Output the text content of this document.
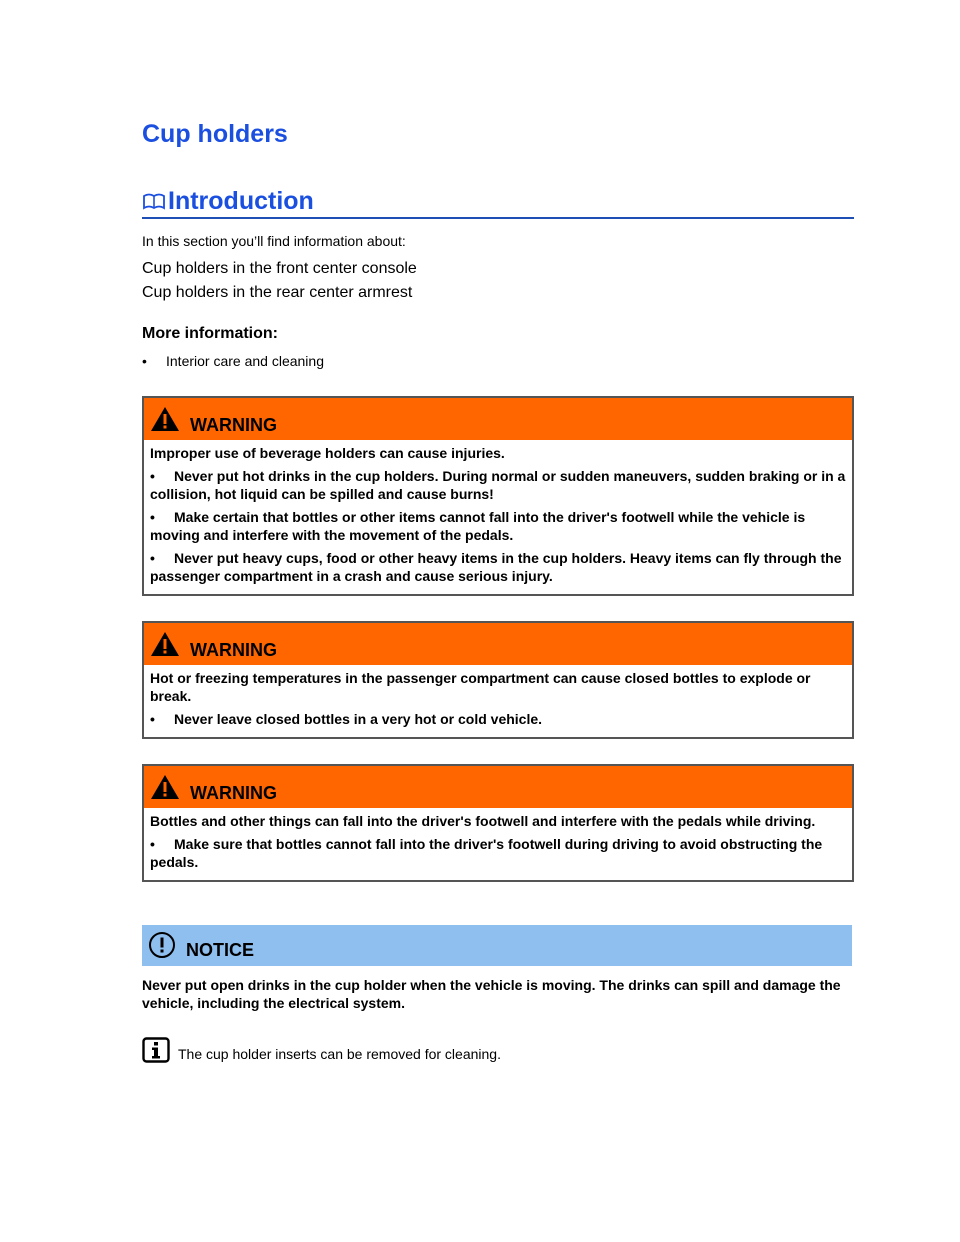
Cup holders
Introduction
In this section you’ll find information about:
Cup holders in the front center console
Cup holders in the rear center armrest
More information:
•	Interior care and cleaning
WARNING

Improper use of beverage holders can cause injuries.

• Never put hot drinks in the cup holders. During normal or sudden maneuvers, sudden braking or in a collision, hot liquid can be spilled and cause burns!
• Make certain that bottles or other items cannot fall into the driver's footwell while the vehicle is moving and interfere with the movement of the pedals.
• Never put heavy cups, food or other heavy items in the cup holders. Heavy items can fly through the passenger compartment in a crash and cause serious injury.
WARNING

Hot or freezing temperatures in the passenger compartment can cause closed bottles to explode or break.

• Never leave closed bottles in a very hot or cold vehicle.
WARNING

Bottles and other things can fall into the driver's footwell and interfere with the pedals while driving.

• Make sure that bottles cannot fall into the driver's footwell during driving to avoid obstructing the pedals.
NOTICE
Never put open drinks in the cup holder when the vehicle is moving. The drinks can spill and damage the vehicle, including the electrical system.
The cup holder inserts can be removed for cleaning.
